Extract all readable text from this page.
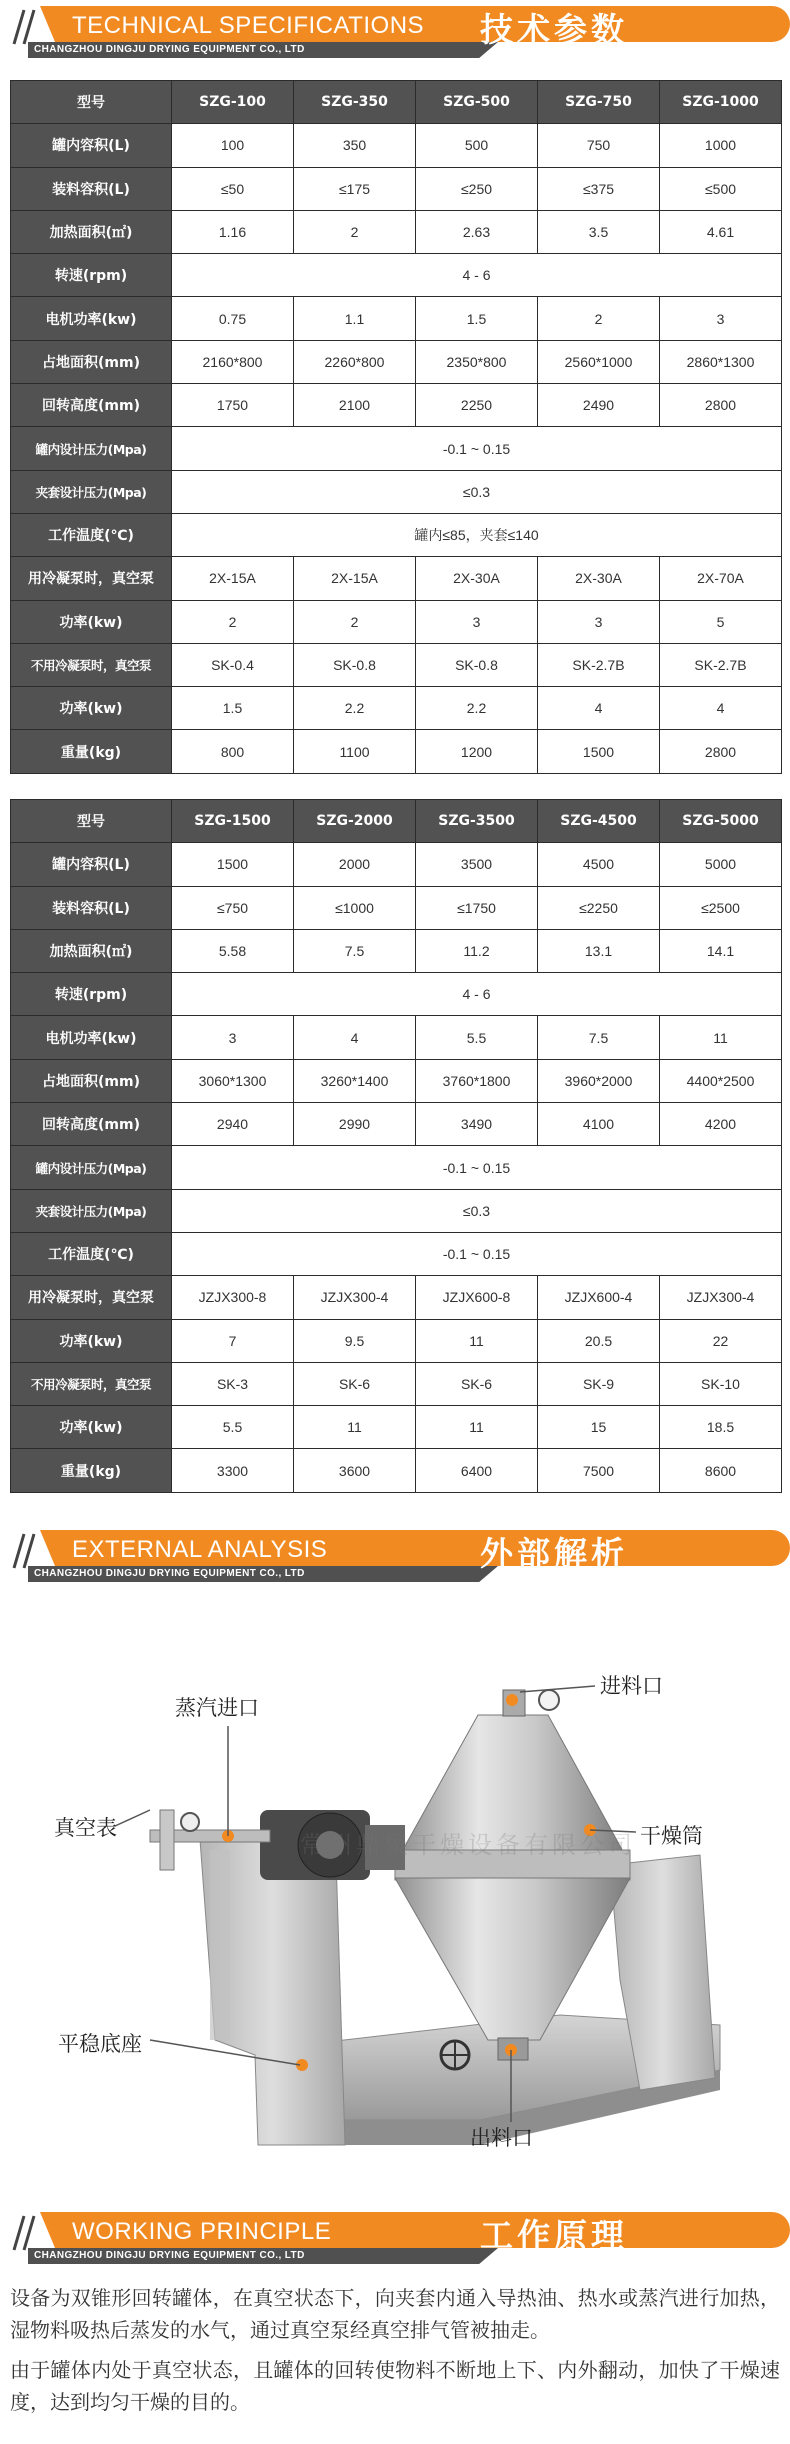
TECHNICAL SPECIFICATIONS
CHANGZHOU DINGJU DRYING EQUIPMENT CO., LTD
技术参数
型号	SZG-100	SZG-350	SZG-500	SZG-750	SZG-1000
罐内容积(L)	100	350	500	750	1000
装料容积(L)	≤50	≤175	≤250	≤375	≤500
加热面积(㎡)	1.16	2	2.63	3.5	4.61
转速(rpm)	4 - 6				
电机功率(kw)	0.75	1.1	1.5	2	3
占地面积(mm)	2160*800	2260*800	2350*800	2560*1000	2860*1300
回转高度(mm)	1750	2100	2250	2490	2800
罐内设计压力(Mpa)	-0.1 ~ 0.15				
夹套设计压力(Mpa)	≤0.3				
工作温度(℃)	罐内≤85，夹套≤140				
用冷凝泵时，真空泵	2X-15A	2X-15A	2X-30A	2X-30A	2X-70A
功率(kw)	2	2	3	3	5
不用冷凝泵时，真空泵	SK-0.4	SK-0.8	SK-0.8	SK-2.7B	SK-2.7B
功率(kw)	1.5	2.2	2.2	4	4
重量(kg)	800	1100	1200	1500	2800
型号	SZG-1500	SZG-2000	SZG-3500	SZG-4500	SZG-5000
罐内容积(L)	1500	2000	3500	4500	5000
装料容积(L)	≤750	≤1000	≤1750	≤2250	≤2500
加热面积(㎡)	5.58	7.5	11.2	13.1	14.1
转速(rpm)	4 - 6				
电机功率(kw)	3	4	5.5	7.5	11
占地面积(mm)	3060*1300	3260*1400	3760*1800	3960*2000	4400*2500
回转高度(mm)	2940	2990	3490	4100	4200
罐内设计压力(Mpa)	-0.1 ~ 0.15				
夹套设计压力(Mpa)	≤0.3				
工作温度(℃)	-0.1 ~ 0.15				
用冷凝泵时，真空泵	JZJX300-8	JZJX300-4	JZJX600-8	JZJX600-4	JZJX300-4
功率(kw)	7	9.5	11	20.5	22
不用冷凝泵时，真空泵	SK-3	SK-6	SK-6	SK-9	SK-10
功率(kw)	5.5	11	11	15	18.5
重量(kg)	3300	3600	6400	7500	8600
EXTERNAL ANALYSIS
CHANGZHOU DINGJU DRYING EQUIPMENT CO., LTD
外部解析
常州鼎聚干燥设备有限公司
进料口
蒸汽进口
真空表	干燥筒
平稳底座
出料口
WORKING PRINCIPLE
CHANGZHOU DINGJU DRYING EQUIPMENT CO., LTD
工作原理

设备为双锥形回转罐体，在真空状态下，向夹套内通入导热油、热水或蒸汽进行加热，湿物料吸热后蒸发的水气，通过真空泵经真空排气管被抽走。

由于罐体内处于真空状态，且罐体的回转使物料不断地上下、内外翻动，加快了干燥速度，达到均匀干燥的目的。
